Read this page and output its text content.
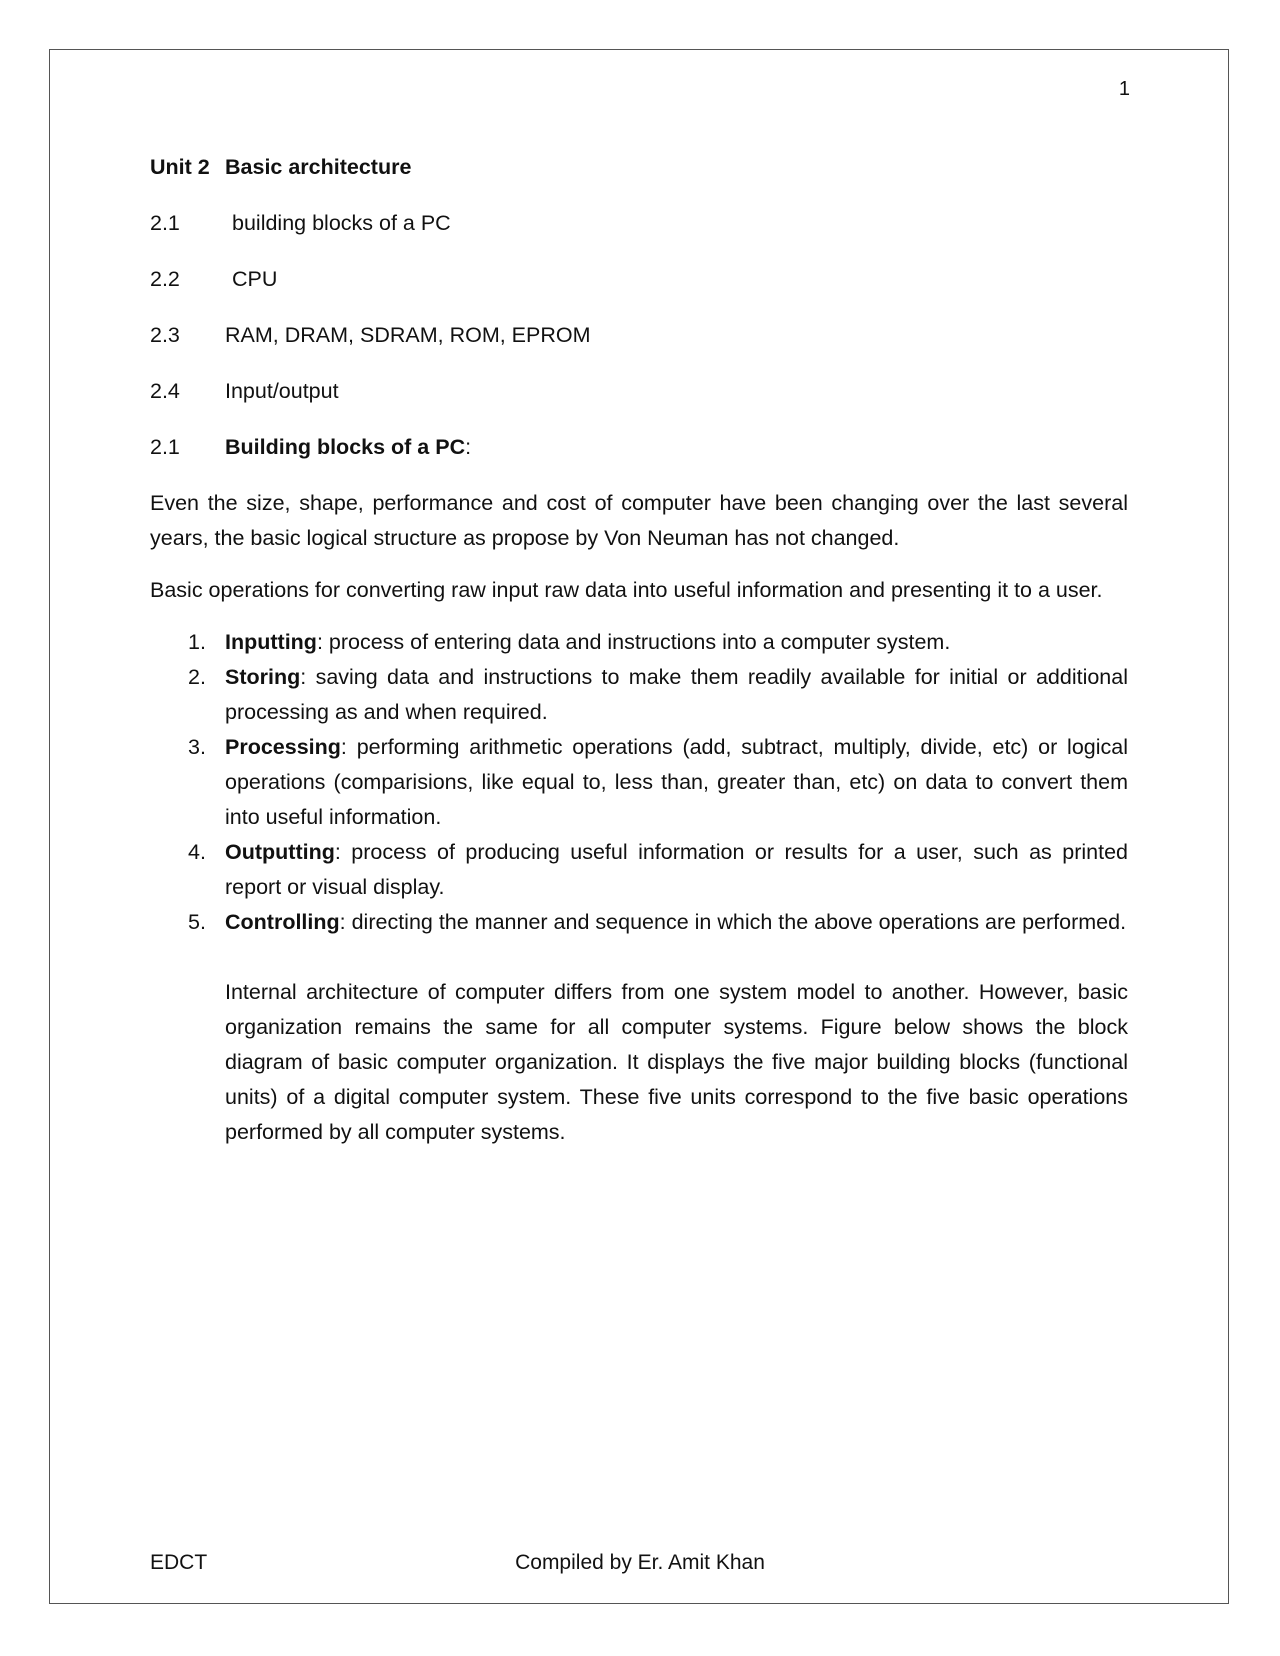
1
Unit 2 Basic architecture
2.1	building blocks of a PC
2.2	CPU
2.3	RAM, DRAM, SDRAM, ROM, EPROM
2.4	Input/output
2.1	Building blocks of a PC:

Even the size, shape, performance and cost of computer have been changing over the last several years, the basic logical structure as propose by Von Neuman has not changed.

Basic operations for converting raw input raw data into useful information and presenting it to a user.

1. Inputting: process of entering data and instructions into a computer system.
2. Storing: saving data and instructions to make them readily available for initial or additional processing as and when required.
3. Processing: performing arithmetic operations (add, subtract, multiply, divide, etc) or logical operations (comparisions, like equal to, less than, greater than, etc) on data to convert them into useful information.
4. Outputting: process of producing useful information or results for a user, such as printed report or visual display.
5. Controlling: directing the manner and sequence in which the above operations are performed.

Internal architecture of computer differs from one system model to another. However, basic organization remains the same for all computer systems. Figure below shows the block diagram of basic computer organization. It displays the five major building blocks (functional units) of a digital computer system. These five units correspond to the five basic operations performed by all computer systems.

EDCT	Compiled by Er. Amit Khan
